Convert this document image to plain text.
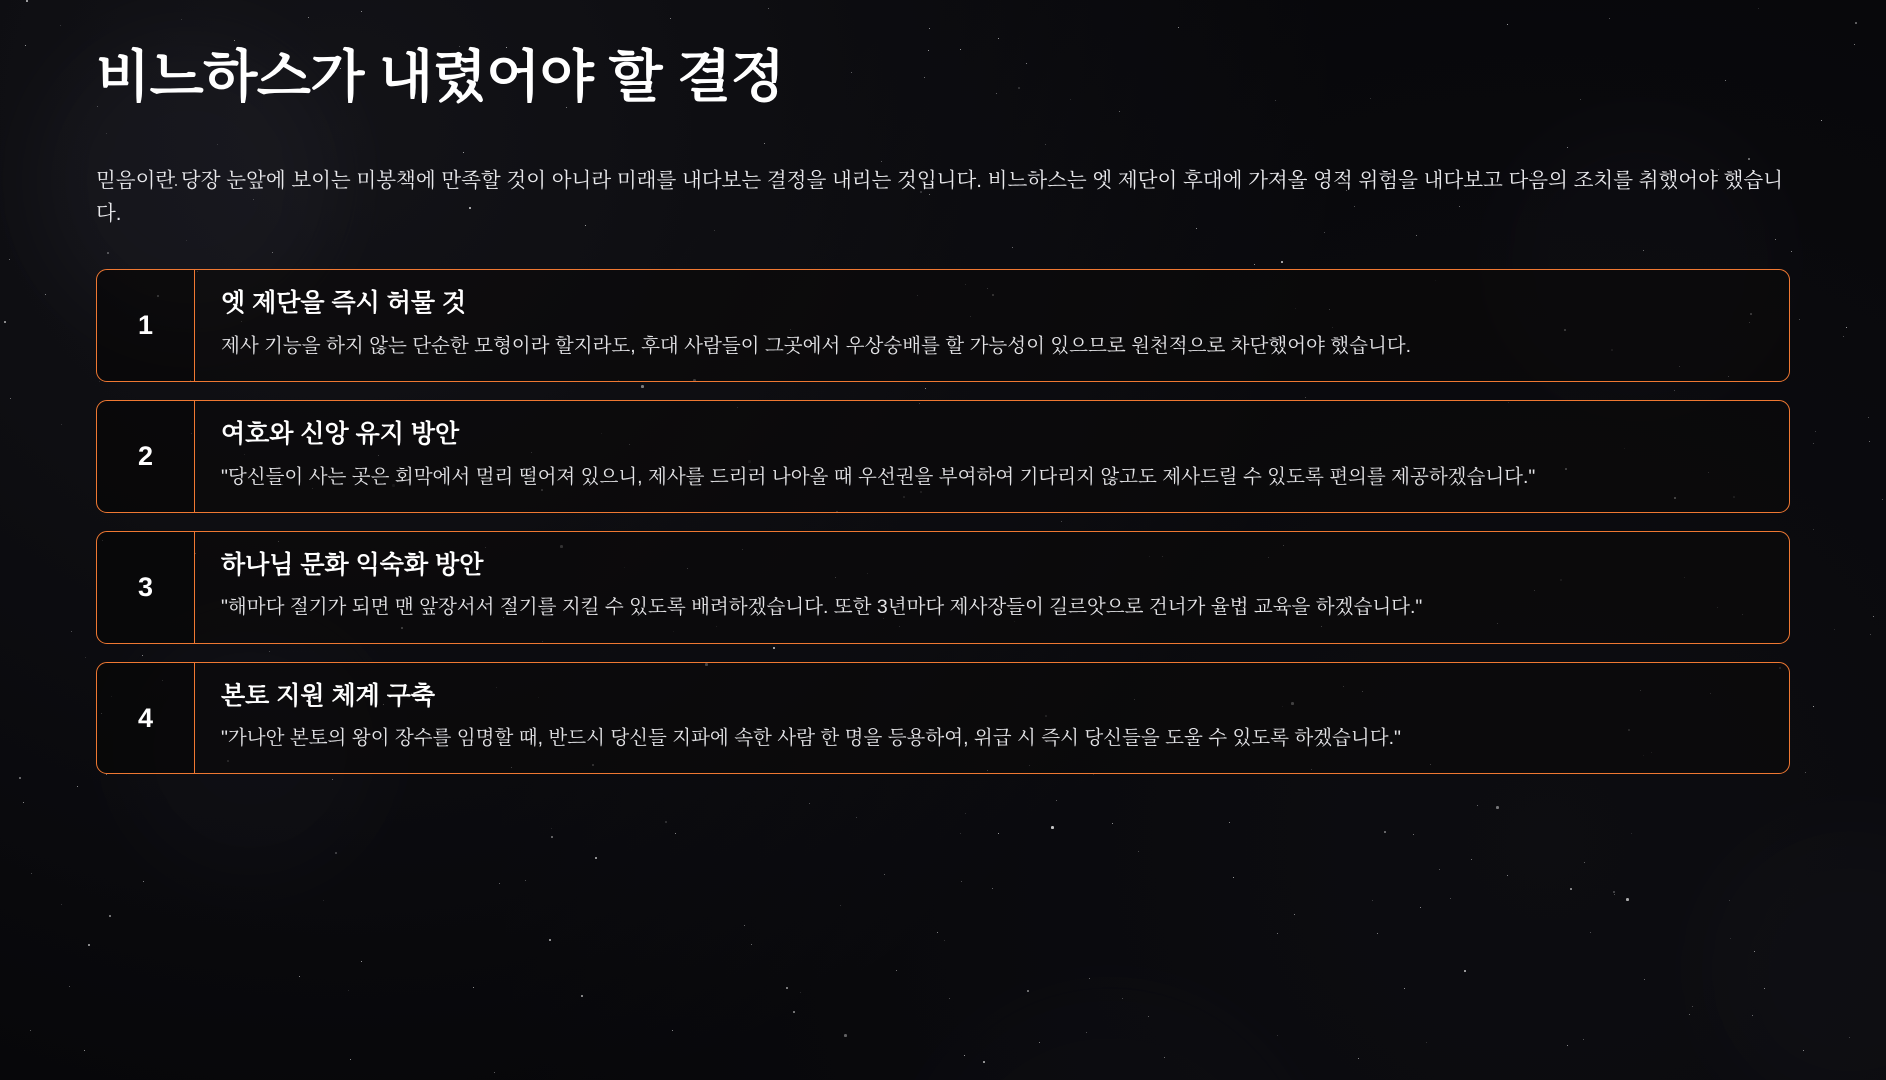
비느하스가 내렸어야 할 결정

믿음이란 당장 눈앞에 보이는 미봉책에 만족할 것이 아니라 미래를 내다보는 결정을 내리는 것입니다. 비느하스는 엣 제단이 후대에 가져올 영적 위험을 내다보고 다음의 조치를 취했어야 했습니다.

1
엣 제단을 즉시 허물 것
제사 기능을 하지 않는 단순한 모형이라 할지라도, 후대 사람들이 그곳에서 우상숭배를 할 가능성이 있으므로 원천적으로 차단했어야 했습니다.
2
여호와 신앙 유지 방안
"당신들이 사는 곳은 회막에서 멀리 떨어져 있으니, 제사를 드리러 나아올 때 우선권을 부여하여 기다리지 않고도 제사드릴 수 있도록 편의를 제공하겠습니다."
3
하나님 문화 익숙화 방안
"해마다 절기가 되면 맨 앞장서서 절기를 지킬 수 있도록 배려하겠습니다. 또한 3년마다 제사장들이 길르앗으로 건너가 율법 교육을 하겠습니다."
4
본토 지원 체계 구축
"가나안 본토의 왕이 장수를 임명할 때, 반드시 당신들 지파에 속한 사람 한 명을 등용하여, 위급 시 즉시 당신들을 도울 수 있도록 하겠습니다."
